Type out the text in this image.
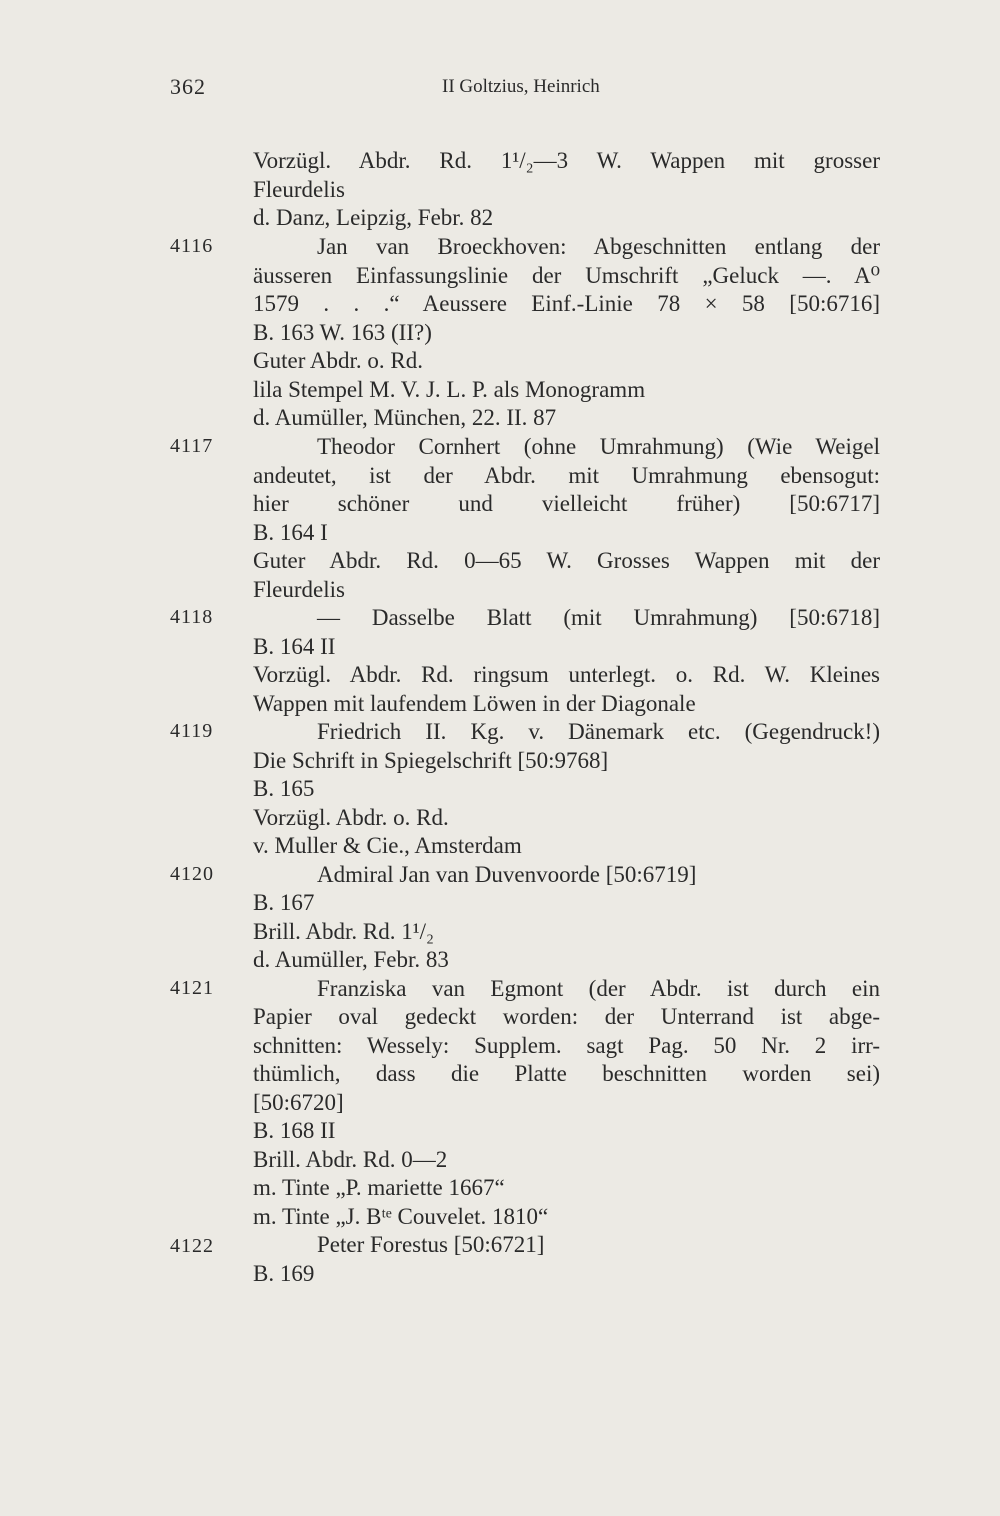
362	II Goltzius, Heinrich
4116
4117
4118
4119
4120
4121
4122
Vorzügl. Abdr. Rd. 1¹/₂—3 W. Wappen mit grosser
Fleurdelis
d. Danz, Leipzig, Febr. 82
Jan van Broeckhoven: Abgeschnitten entlang der
äusseren Einfassungslinie der Umschrift „Geluck —. A⁰
1579 . . .“ Aeussere Einf.-Linie 78 × 58 [50:6716]
B. 163 W. 163 (II?)
Guter Abdr. o. Rd.
lila Stempel M. V. J. L. P. als Monogramm
d. Aumüller, München, 22. II. 87
Theodor Cornhert (ohne Umrahmung) (Wie Weigel
andeutet, ist der Abdr. mit Umrahmung ebensogut:
hier schöner und vielleicht früher) [50:6717]
B. 164 I
Guter Abdr. Rd. 0—65 W. Grosses Wappen mit der
Fleurdelis
— Dasselbe Blatt (mit Umrahmung) [50:6718]
B. 164 II
Vorzügl. Abdr. Rd. ringsum unterlegt. o. Rd. W. Kleines
Wappen mit laufendem Löwen in der Diagonale
Friedrich II. Kg. v. Dänemark etc. (Gegendruck!)
Die Schrift in Spiegelschrift [50:9768]
B. 165
Vorzügl. Abdr. o. Rd.
v. Muller & Cie., Amsterdam
Admiral Jan van Duvenvoorde [50:6719]
B. 167
Brill. Abdr. Rd. 1¹/₂
d. Aumüller, Febr. 83
Franziska van Egmont (der Abdr. ist durch ein
Papier oval gedeckt worden: der Unterrand ist abge-
schnitten: Wessely: Supplem. sagt Pag. 50 Nr. 2 irr-
thümlich, dass die Platte beschnitten worden sei)
[50:6720]
B. 168 II
Brill. Abdr. Rd. 0—2
m. Tinte „P. mariette 1667“
m. Tinte „J. Bᵗᵉ Couvelet. 1810“
Peter Forestus [50:6721]
B. 169
